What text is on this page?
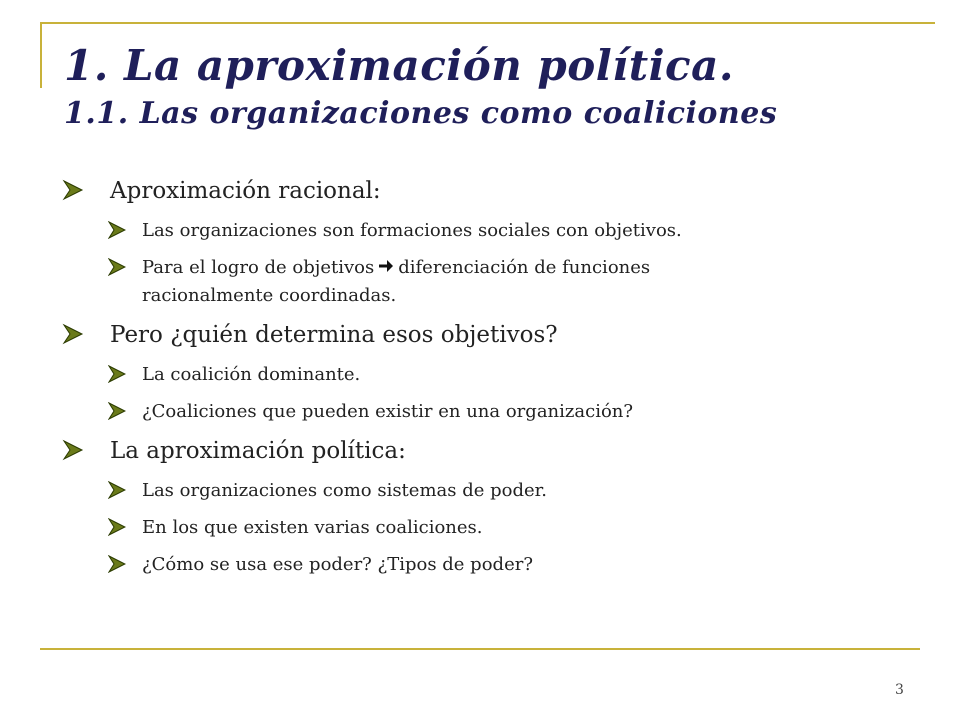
1. La aproximación política.
1.1. Las organizaciones como coaliciones
Aproximación racional:
Las organizaciones son formaciones sociales con objetivos.
Para el logro de objetivos diferenciación de funciones
racionalmente coordinadas.
Pero ¿quién determina esos objetivos?
La coalición dominante.
¿Coaliciones que pueden existir en una organización?
La aproximación política:
Las organizaciones como sistemas de poder.
En los que existen varias coaliciones.
¿Cómo se usa ese poder? ¿Tipos de poder?
3
